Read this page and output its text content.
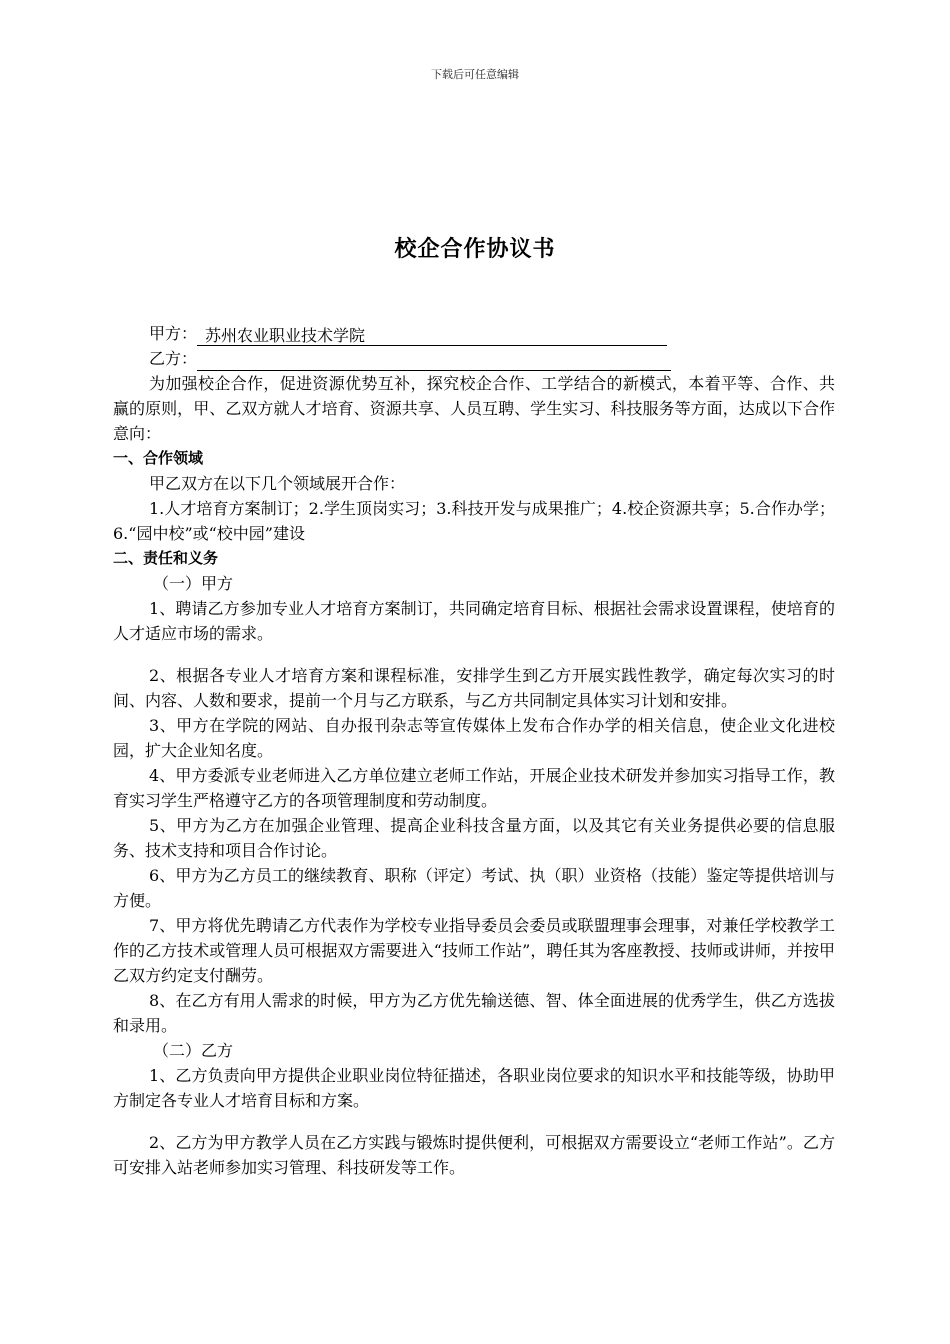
下载后可任意编辑
校企合作协议书
甲方： 苏州农业职业技术学院
乙方：

为加强校企合作，促进资源优势互补，探究校企合作、工学结合的新模式，本着平等、合作、共赢的原则，甲、乙双方就人才培育、资源共享、人员互聘、学生实习、科技服务等方面，达成以下合作意向：

一、合作领域

甲乙双方在以下几个领域展开合作：

1.人才培育方案制订；2.学生顶岗实习；3.科技开发与成果推广；4.校企资源共享；5.合作办学；6.“园中校”或“校中园”建设

二、责任和义务

（一）甲方

1、聘请乙方参加专业人才培育方案制订，共同确定培育目标、根据社会需求设置课程，使培育的人才适应市场的需求。

2、根据各专业人才培育方案和课程标准，安排学生到乙方开展实践性教学，确定每次实习的时间、内容、人数和要求，提前一个月与乙方联系，与乙方共同制定具体实习计划和安排。

3、甲方在学院的网站、自办报刊杂志等宣传媒体上发布合作办学的相关信息，使企业文化进校园，扩大企业知名度。

4、甲方委派专业老师进入乙方单位建立老师工作站，开展企业技术研发并参加实习指导工作，教育实习学生严格遵守乙方的各项管理制度和劳动制度。

5、甲方为乙方在加强企业管理、提高企业科技含量方面，以及其它有关业务提供必要的信息服务、技术支持和项目合作讨论。

6、甲方为乙方员工的继续教育、职称（评定）考试、执（职）业资格（技能）鉴定等提供培训与方便。

7、甲方将优先聘请乙方代表作为学校专业指导委员会委员或联盟理事会理事，对兼任学校教学工作的乙方技术或管理人员可根据双方需要进入“技师工作站”，聘任其为客座教授、技师或讲师，并按甲乙双方约定支付酬劳。

8、在乙方有用人需求的时候，甲方为乙方优先输送德、智、体全面进展的优秀学生，供乙方选拔和录用。

（二）乙方

1、乙方负责向甲方提供企业职业岗位特征描述，各职业岗位要求的知识水平和技能等级，协助甲方制定各专业人才培育目标和方案。

2、乙方为甲方教学人员在乙方实践与锻炼时提供便利，可根据双方需要设立“老师工作站”。乙方可安排入站老师参加实习管理、科技研发等工作。
